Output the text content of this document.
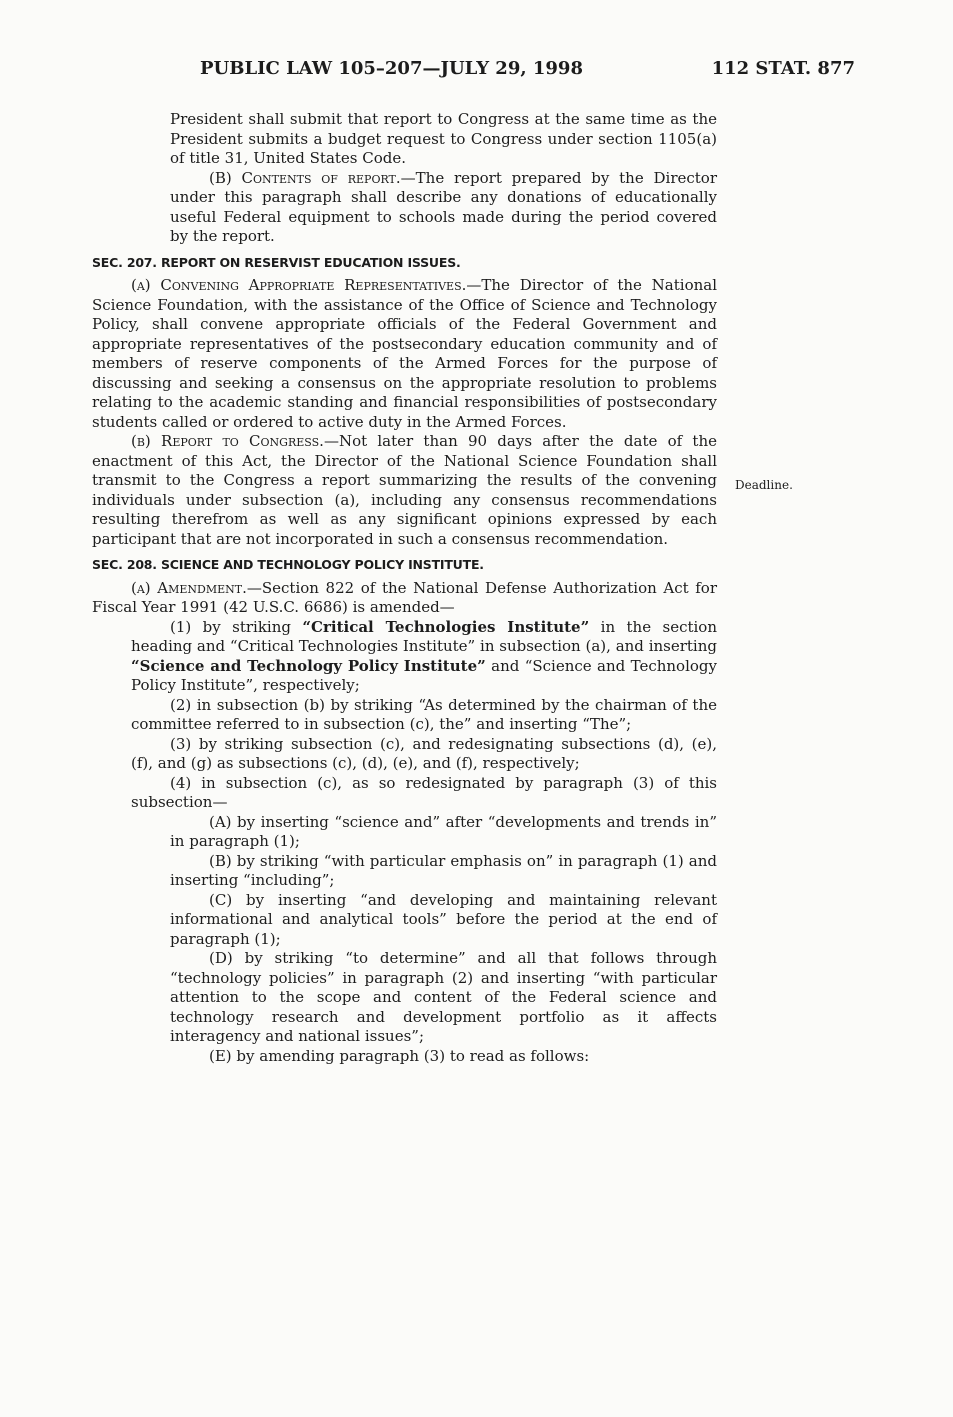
PUBLIC LAW 105–207—JULY 29, 1998	112 STAT. 877
Deadline.

President shall submit that report to Congress at the same time as the President submits a budget request to Congress under section 1105(a) of title 31, United States Code.

(B) Contents of report.—The report prepared by the Director under this paragraph shall describe any donations of educationally useful Federal equipment to schools made during the period covered by the report.

SEC. 207. REPORT ON RESERVIST EDUCATION ISSUES.

(a) Convening Appropriate Representatives.—The Director of the National Science Foundation, with the assistance of the Office of Science and Technology Policy, shall convene appropriate officials of the Federal Government and appropriate representatives of the postsecondary education community and of members of reserve components of the Armed Forces for the purpose of discussing and seeking a consensus on the appropriate resolution to problems relating to the academic standing and financial responsibilities of postsecondary students called or ordered to active duty in the Armed Forces.

(b) Report to Congress.—Not later than 90 days after the date of the enactment of this Act, the Director of the National Science Foundation shall transmit to the Congress a report summarizing the results of the convening individuals under subsection (a), including any consensus recommendations resulting therefrom as well as any significant opinions expressed by each participant that are not incorporated in such a consensus recommendation.

SEC. 208. SCIENCE AND TECHNOLOGY POLICY INSTITUTE.

(a) Amendment.—Section 822 of the National Defense Authorization Act for Fiscal Year 1991 (42 U.S.C. 6686) is amended—

(1) by striking “Critical Technologies Institute” in the section heading and “Critical Technologies Institute” in subsection (a), and inserting “Science and Technology Policy Institute” and “Science and Technology Policy Institute”, respectively;

(2) in subsection (b) by striking “As determined by the chairman of the committee referred to in subsection (c), the” and inserting “The”;

(3) by striking subsection (c), and redesignating subsections (d), (e), (f), and (g) as subsections (c), (d), (e), and (f), respectively;

(4) in subsection (c), as so redesignated by paragraph (3) of this subsection—

(A) by inserting “science and” after “developments and trends in” in paragraph (1);

(B) by striking “with particular emphasis on” in paragraph (1) and inserting “including”;

(C) by inserting “and developing and maintaining relevant informational and analytical tools” before the period at the end of paragraph (1);

(D) by striking “to determine” and all that follows through “technology policies” in paragraph (2) and inserting “with particular attention to the scope and content of the Federal science and technology research and development portfolio as it affects interagency and national issues”;

(E) by amending paragraph (3) to read as follows:
